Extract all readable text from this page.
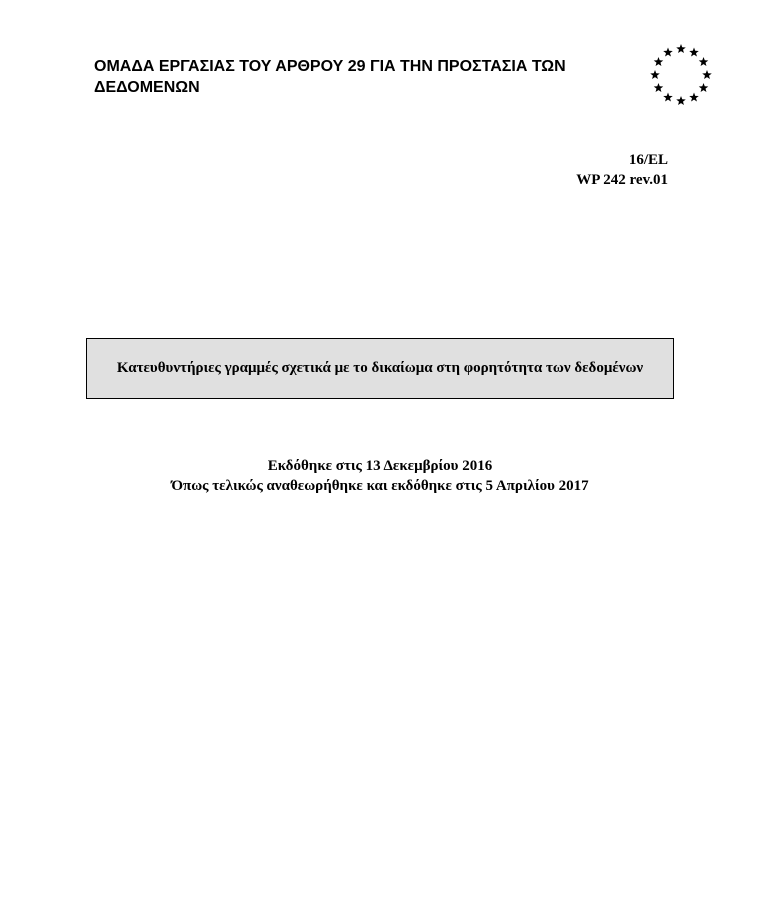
ΟΜΑΔΑ ΕΡΓΑΣΙΑΣ ΤΟΥ ΑΡΘΡΟΥ 29 ΓΙΑ ΤΗΝ ΠΡΟΣΤΑΣΙΑ ΤΩΝ ΔΕΔΟΜΕΝΩΝ
16/EL
WP 242 rev.01
Κατευθυντήριες γραμμές σχετικά με το δικαίωμα στη φορητότητα των δεδομένων
Εκδόθηκε στις 13 Δεκεμβρίου 2016
Όπως τελικώς αναθεωρήθηκε και εκδόθηκε στις 5 Απριλίου 2017
